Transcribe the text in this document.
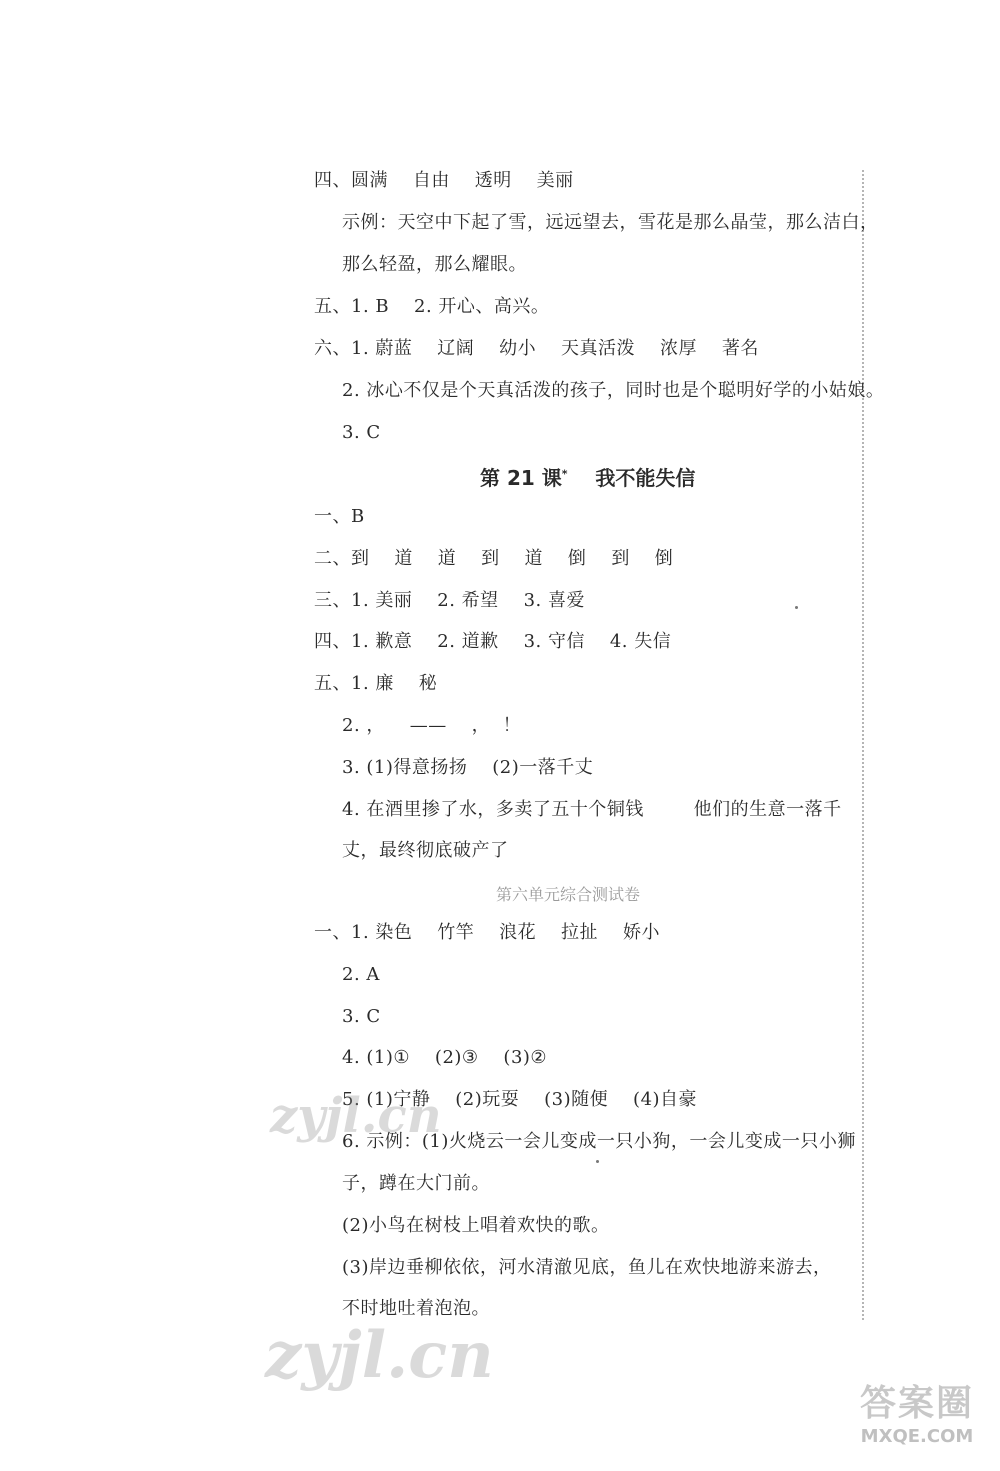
四、圆满    自由    透明    美丽
示例：天空中下起了雪，远远望去，雪花是那么晶莹，那么洁白，
那么轻盈，那么耀眼。
五、1. B    2. 开心、高兴。
六、1. 蔚蓝    辽阔    幼小    天真活泼    浓厚    著名
2. 冰心不仅是个天真活泼的孩子，同时也是个聪明好学的小姑娘。
3. C
第 21 课* 我不能失信
一、B
二、到    道    道    到    道    倒    到    倒
三、1. 美丽    2. 希望    3. 喜爱
四、1. 歉意    2. 道歉    3. 守信    4. 失信
五、1. 廉    秘
2. ，    ——    ，  ！
3. (1)得意扬扬    (2)一落千丈
4. 在酒里掺了水，多卖了五十个铜钱        他们的生意一落千
丈，最终彻底破产了
第六单元综合测试卷
一、1. 染色    竹竿    浪花    拉扯    娇小
2. A
3. C
4. (1)①    (2)③    (3)②
5. (1)宁静    (2)玩耍    (3)随便    (4)自豪
6. 示例：(1)火烧云一会儿变成一只小狗，一会儿变成一只小狮
子，蹲在大门前。
(2)小鸟在树枝上唱着欢快的歌。
(3)岸边垂柳依依，河水清澈见底，鱼儿在欢快地游来游去，
不时地吐着泡泡。
zyjl.cn
zyjl.cn
答案圈
MXQE.COM
